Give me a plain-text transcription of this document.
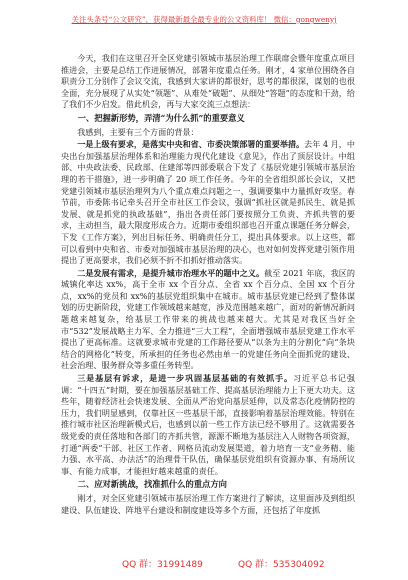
关注头条号“公文研究”，获得最新最全最专业的公文资料库！ 微信：gongwenyj

今天，我们在这里召开全区党建引领城市基层治理工作联席会暨年度重点项目推进会，主要是总结工作进展情况，部署年度重点任务。刚才，4 家单位围绕各自职责分工分别作了会议交流，我感到大家讲的都很好，思考的都很深，谋划的也很全面，充分展现了从实处“领题”、从难处“破题”、从细处“答题”的态度和干劲，给了我们不少启发。借此机会，再与大家交流三点想法：

一、把握新形势，弄清“为什么抓”的重要意义

我感到，主要有三个方面的背景：

一是上级有要求，是落实中央和省、市委决策部署的重要举措。去年 4 月，中央出台加强基层治理体系和治理能力现代化建设《意见》，作出了顶层设计。中组部、中央政法委、民政部、住建部等四部委联合下发了《基层党建引领城市基层治理的若干措施》，进一步明确了 20 项工作任务。今年的全省组织部长会议，又把党建引领城市基层治理列为八个重点难点问题之一，强调要集中力量抓好攻坚。春节前，市委陈书记牵头召开全市社区工作会议，强调“抓社区就是抓民生、就是抓发展、就是抓党的执政基础”，指出各责任部门要按照分工负责、齐抓共管的要求，主动担当，最大限度形成合力。近期市委组织部也召开重点课题任务分解会，下发《工作方案》，列出目标任务、明确责任分工，提出具体要求。以上这些，都可以看到中央和省、市委对加强城市基层治理的决心，也对如何发挥党建引领作用提出了更高要求，我们必须不折不扣抓好推动落实。

二是发展有需求，是提升城市治理水平的题中之义。截至 2021 年底，我区的城镇化率达 xx%，高于全市 xx 个百分点、全省 xx 个百分点、全国 xx 个百分点，xx%的党员和 xx%的基层党组织集中在城市。城市基层党建已经到了整体谋划的历史新阶段，党建工作领域越来越宽，涉及范围越来越广，面对的新情况新问题越来越复杂，给基层工作带来的挑战也越来越大。尤其是对我区当好全市“532”发展战略主力军、全力推进“三大工程”，全面增强城市基层党建工作水平提出了更高标准。这就要求城市党建的工作路径要从“以条为主的分割化”向“条块结合的网格化”转变，所承担的任务也必然由单一的党建任务向全面抓党的建设、社会治理、服务群众等多重任务转型。

三是基层有诉求，是进一步巩固基层基础的有效抓手。习近平总书记强调：“十四五”时期，要在加强基层基础工作、提高基层治理能力上下更大功夫。这些年，随着经济社会快速发展、全面从严治党向基层延伸，以及常态化疫情防控的压力，我们明显感到，仅靠社区一些基层干部，直接影响着基层治理效能。特别在推行城市社区治理新模式后，也感到以前一些工作方法已经不够用了。这就需要各级党委的责任落地和各部门的齐抓共管，源源不断地为基层注入人财物各项资源，打通“两委”干部、社区工作者、网格员流动发展渠道，着力培育一支“业务精、能力强、水平高、办法活”的治理骨干队伍，确保基层党组织有资源办事、有场所议事、有能力成事，才能担好越来越重的责任。

二、应对新挑战，找准抓什么的重点方向

刚才，对全区党建引领城市基层治理工作方案进行了解读，这里面涉及到组织建设、队伍建设、阵地平台建设和制度建设等多个方面，还包括了年度抓

QQ 群：31991489	QQ 群：535304092
